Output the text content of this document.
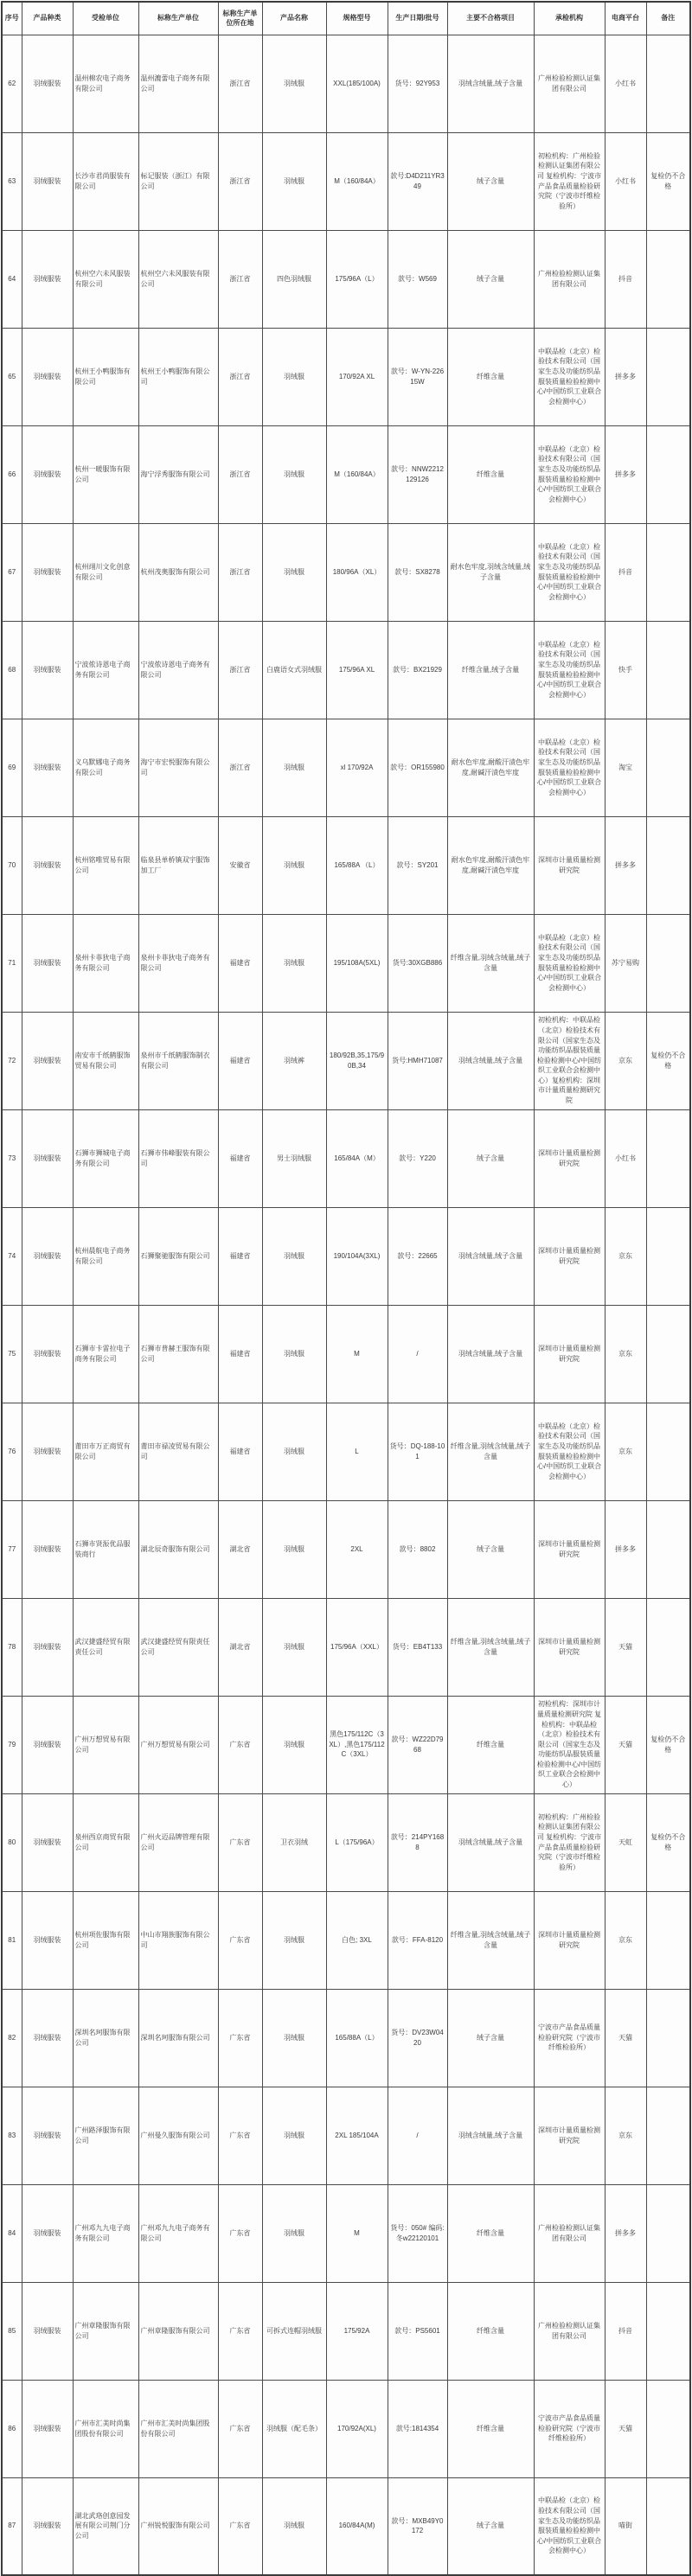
序号	产品种类	受检单位	标称生产单位	标称生产单位所在地	产品名称	规格型号	生产日期/批号	主要不合格项目	承检机构	电商平台	备注
62	羽绒服装	温州棉农电子商务有限公司	温州漉蕾电子商务有限公司	浙江省	羽绒服	XXL(185/100A)	货号：92Y953	羽绒含绒量,绒子含量	广州检验检测认证集团有限公司	小红书	
63	羽绒服装	长沙市君尚服装有限公司	标记服装（浙江）有限公司	浙江省	羽绒服	M（160/84A）	款号:D4D211YR349	绒子含量	初检机构：广州检验检测认证集团有限公司 复检机构：宁波市产品食品质量检验研究院（宁波市纤维检验所）	小红书	复检仍不合格
64	羽绒服装	杭州空六未风服装有限公司	杭州空六未风服装有限公司	浙江省	四色羽绒服	175/96A（L）	款号：W569	绒子含量	广州检验检测认证集团有限公司	抖音	
65	羽绒服装	杭州王小鸭服饰有限公司	杭州王小鸭服饰有限公司	浙江省	羽绒服	170/92A XL	款号：W-YN-22615W	纤维含量	中联品检（北京）检验技术有限公司（国家生态及功能纺织品服装质量检验检测中心/中国纺织工业联合会检测中心）	拼多多	
66	羽绒服装	杭州一暖服饰有限公司	海宁浮秀服饰有限公司	浙江省	羽绒服	M（160/84A）	款号：NNW2212129126	纤维含量	中联品检（北京）检验技术有限公司（国家生态及功能纺织品服装质量检验检测中心/中国纺织工业联合会检测中心）	拼多多	
67	羽绒服装	杭州翊川文化创意有限公司	杭州茂奥服饰有限公司	浙江省	羽绒服	180/96A（XL）	款号：SX8278	耐水色牢度,羽绒含绒量,绒子含量	中联品检（北京）检验技术有限公司（国家生态及功能纺织品服装质量检验检测中心/中国纺织工业联合会检测中心）	抖音	
68	羽绒服装	宁波侬诗恩电子商务有限公司	宁波侬诗恩电子商务有限公司	浙江省	白鹿语女式羽绒服	175/96A XL	款号：BX21929	纤维含量,绒子含量	中联品检（北京）检验技术有限公司（国家生态及功能纺织品服装质量检验检测中心/中国纺织工业联合会检测中心）	快手	
69	羽绒服装	义乌默娜电子商务有限公司	海宁市宏悦服饰有限公司	浙江省	羽绒服	xl 170/92A	款号：OR155980	耐水色牢度,耐酸汗渍色牢度,耐碱汗渍色牢度	中联品检（北京）检验技术有限公司（国家生态及功能纺织品服装质量检验检测中心/中国纺织工业联合会检测中心）	淘宝	
70	羽绒服装	杭州铭唯贸易有限公司	临泉县单桥镇双宇服饰加工厂	安徽省	羽绒服	165/88A （L）	款号：SY201	耐水色牢度,耐酸汗渍色牢度,耐碱汗渍色牢度	深圳市计量质量检测研究院	拼多多	
71	羽绒服装	泉州卡菲狄电子商务有限公司	泉州卡菲狄电子商务有限公司	福建省	羽绒服	195/108A(5XL)	货号:30XGB886	纤维含量,羽绒含绒量,绒子含量	中联品检（北京）检验技术有限公司（国家生态及功能纺织品服装质量检验检测中心/中国纺织工业联合会检测中心）	苏宁易购	
72	羽绒服装	南安市千纸鹤服饰贸易有限公司	泉州市千纸鹤服饰制衣有限公司	福建省	羽绒裤	180/92B,35,175/90B,34	货号:HMH71087	羽绒含绒量,绒子含量	初检机构：中联品检（北京）检验技术有限公司（国家生态及功能纺织品服装质量检验检测中心/中国纺织工业联合会检测中心）复检机构：深圳市计量质量检测研究院	京东	复检仍不合格
73	羽绒服装	石狮市狮城电子商务有限公司	石狮市伟峰服装有限公司	福建省	男士羽绒服	165/84A（M）	款号：Y220	绒子含量	深圳市计量质量检测研究院	小红书	
74	羽绒服装	杭州晨航电子商务有限公司	石狮聚驰服饰有限公司	福建省	羽绒服	190/104A(3XL)	款号：22665	羽绒含绒量,绒子含量	深圳市计量质量检测研究院	京东	
75	羽绒服装	石狮市卡雷拉电子商务有限公司	石狮市普赫王服饰有限公司	福建省	羽绒服	M	/	羽绒含绒量,绒子含量	深圳市计量质量检测研究院	京东	
76	羽绒服装	莆田市万正商贸有限公司	莆田市禄凌贸易有限公司	福建省	羽绒服	L	货号：DQ-188-101	纤维含量,羽绒含绒量,绒子含量	中联品检（北京）检验技术有限公司（国家生态及功能纺织品服装质量检验检测中心/中国纺织工业联合会检测中心）	京东	
77	羽绒服装	石狮市贤浱优品服装商行	湖北辰奇服饰有限公司	湖北省	羽绒服	2XL	款号：8802	绒子含量	深圳市计量质量检测研究院	拼多多	
78	羽绒服装	武汉捷盛经贸有限责任公司	武汉捷盛经贸有限责任公司	湖北省	羽绒服	175/96A（XXL）	货号：EB4T133	纤维含量,羽绒含绒量,绒子含量	深圳市计量质量检测研究院	天猫	
79	羽绒服装	广州万想贸易有限公司	广州万想贸易有限公司	广东省	羽绒服	黑色175/112C（3XL）,黑色175/112C（3XL）	款号：WZ22D7968	纤维含量	初检机构：深圳市计量质量检测研究院 复检机构：中联品检（北京）检验技术有限公司（国家生态及功能纺织品服装质量检验检测中心/中国纺织工业联合会检测中心）	天猫	复检仍不合格
80	羽绒服装	泉州西京商贸有限公司	广州火迈品牌管理有限公司	广东省	卫衣羽绒	L（175/96A）	款号：214PY1688	羽绒含绒量,绒子含量	初检机构：广州检验检测认证集团有限公司 复检机构：宁波市产品食品质量检验研究院（宁波市纤维检验所）	天虹	复检仍不合格
81	羽绒服装	杭州项佐服饰有限公司	中山市翔族服饰有限公司	广东省	羽绒服	白色; 3XL	款号：FFA-8120	纤维含量,羽绒含绒量,绒子含量	深圳市计量质量检测研究院	京东	
82	羽绒服装	深圳名珂服饰有限公司	深圳名珂服饰有限公司	广东省	羽绒服	165/88A（L）	货号：DV23W0420	绒子含量	宁波市产品食品质量检验研究院（宁波市纤维检验所）	天猫	
83	羽绒服装	广州路泽服饰有限公司	广州曼久服饰有限公司	广东省	羽绒服	2XL 185/104A	/	羽绒含绒量,绒子含量	深圳市计量质量检测研究院	京东	
84	羽绒服装	广州邓九九电子商务有限公司	广州邓九九电子商务有限公司	广东省	羽绒服	M	货号：050# 编码:冬w22120101	纤维含量	广州检验检测认证集团有限公司	拼多多	
85	羽绒服装	广州章隆服饰有限公司	广州章隆服饰有限公司	广东省	可拆式连帽羽绒服	175/92A	款号：PS5601	纤维含量	广州检验检测认证集团有限公司	抖音	
86	羽绒服装	广州市汇美时尚集团股份有限公司	广州市汇美时尚集团股份有限公司	广东省	羽绒服（配毛条）	170/92A(XL)	款号:1814354	纤维含量	宁波市产品食品质量检验研究院（宁波市纤维检验所）	天猫	
87	羽绒服装	湖北武珞创意园发展有限公司荆门分公司	广州锐悦服饰有限公司	广东省	羽绒服	160/84A(M)	款号：MXB49Y0172	绒子含量	中联品检（北京）检验技术有限公司（国家生态及功能纺织品服装质量检验检测中心/中国纺织工业联合会检测中心）	喵街	
